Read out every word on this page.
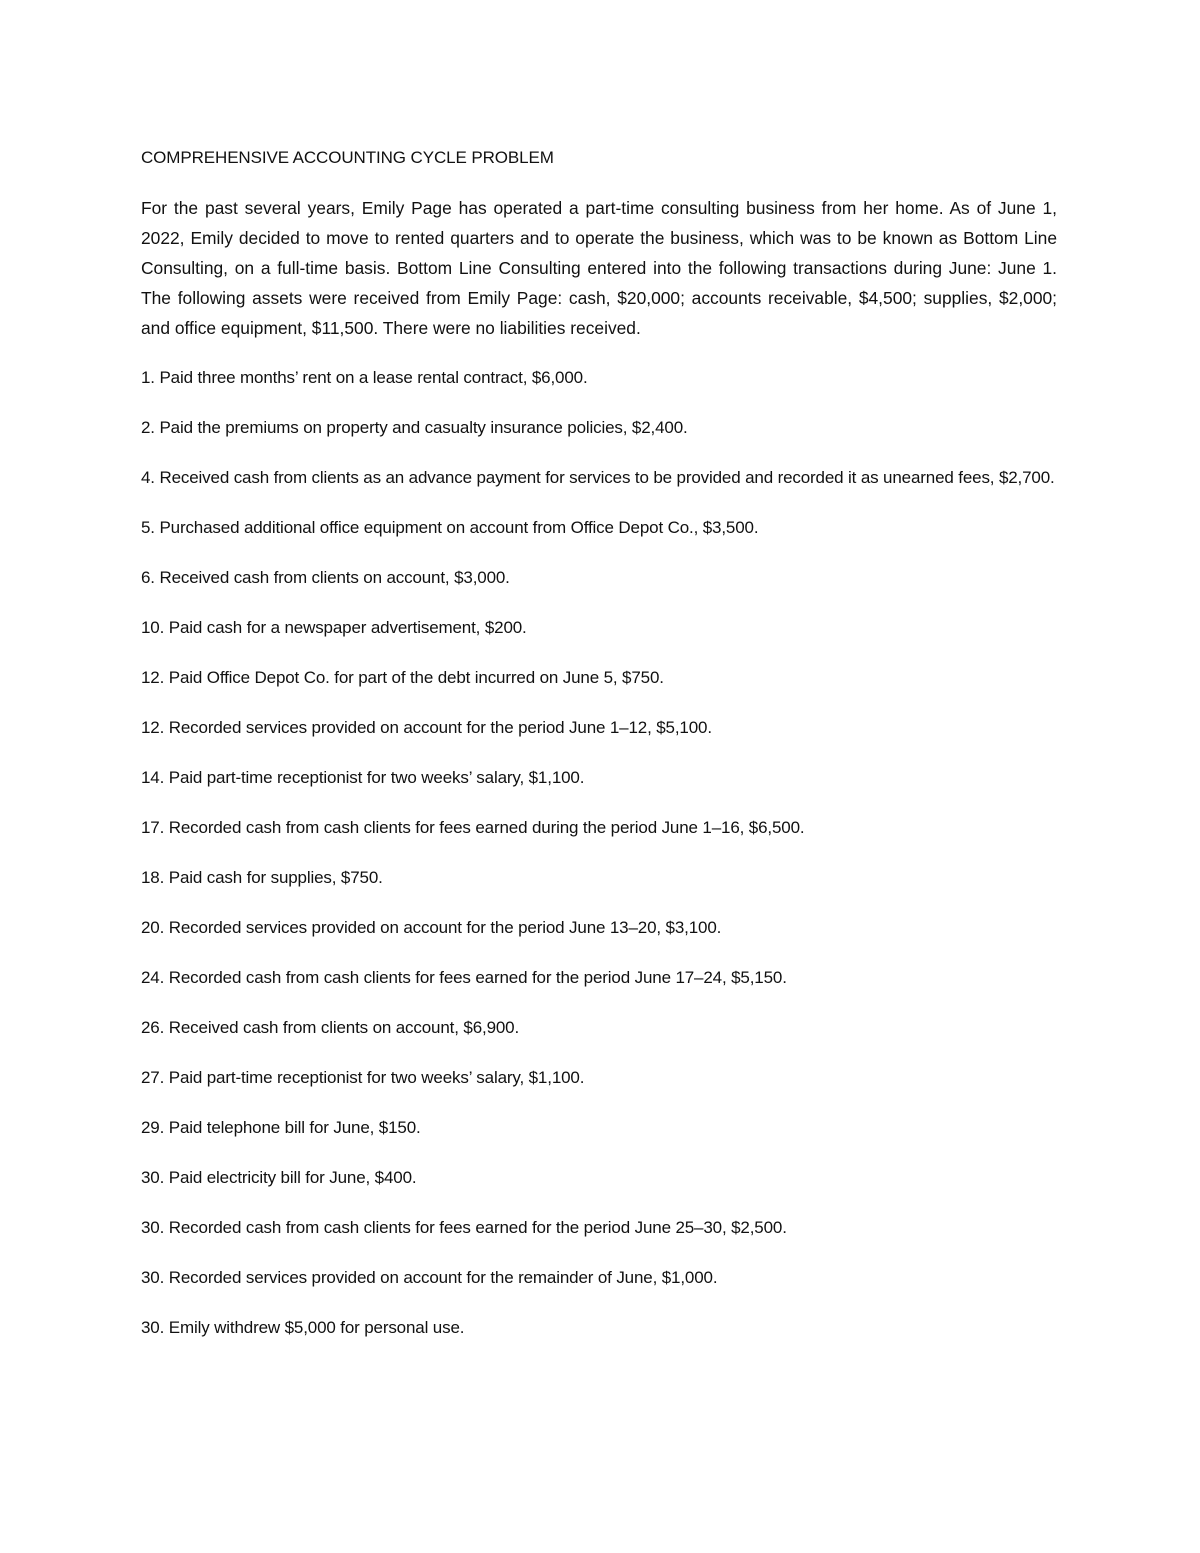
COMPREHENSIVE ACCOUNTING CYCLE PROBLEM

For the past several years, Emily Page has operated a part-time consulting business from her home. As of June 1, 2022, Emily decided to move to rented quarters and to operate the business, which was to be known as Bottom Line Consulting, on a full-time basis. Bottom Line Consulting entered into the following transactions during June: June 1. The following assets were received from Emily Page: cash, $20,000; accounts receivable, $4,500; supplies, $2,000; and office equipment, $11,500. There were no liabilities received.

1. Paid three months’ rent on a lease rental contract, $6,000.
2. Paid the premiums on property and casualty insurance policies, $2,400.
4. Received cash from clients as an advance payment for services to be provided and recorded it as unearned fees, $2,700.
5. Purchased additional office equipment on account from Office Depot Co., $3,500.
6. Received cash from clients on account, $3,000.
10. Paid cash for a newspaper advertisement, $200.
12. Paid Office Depot Co. for part of the debt incurred on June 5, $750.
12. Recorded services provided on account for the period June 1–12, $5,100.
14. Paid part-time receptionist for two weeks’ salary, $1,100.
17. Recorded cash from cash clients for fees earned during the period June 1–16, $6,500.
18. Paid cash for supplies, $750.
20. Recorded services provided on account for the period June 13–20, $3,100.
24. Recorded cash from cash clients for fees earned for the period June 17–24, $5,150.
26. Received cash from clients on account, $6,900.
27. Paid part-time receptionist for two weeks’ salary, $1,100.
29. Paid telephone bill for June, $150.
30. Paid electricity bill for June, $400.
30. Recorded cash from cash clients for fees earned for the period June 25–30, $2,500.
30. Recorded services provided on account for the remainder of June, $1,000.
30. Emily withdrew $5,000 for personal use.
